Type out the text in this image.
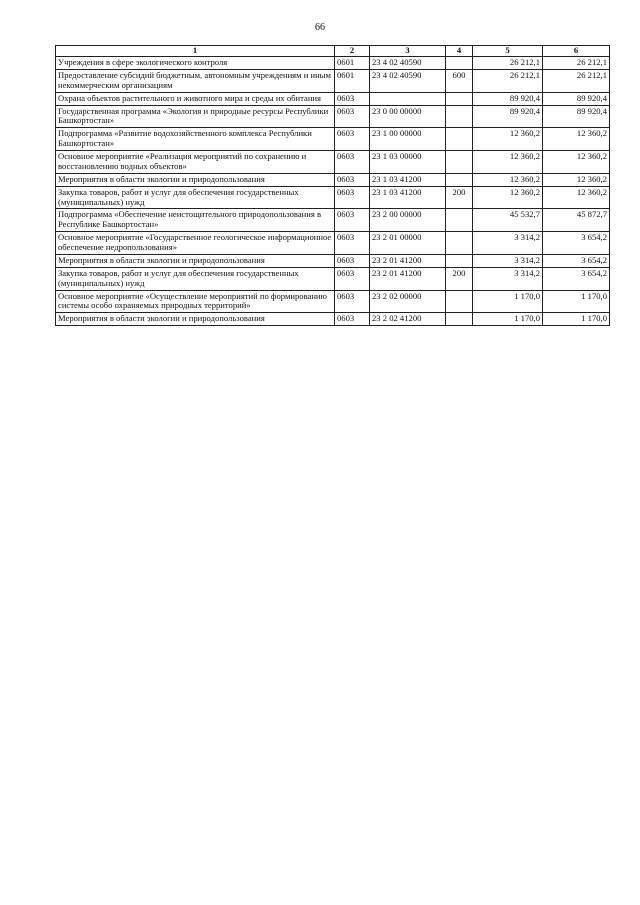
66
1	2	3	4	5	6
Учреждения в сфере экологического контроля	0601	23 4 02 40590		26 212,1	26 212,1
Предоставление субсидий бюджетным, автономным учреждениям и иным некоммерческим организациям	0601	23 4 02 40590	600	26 212,1	26 212,1
Охрана объектов растительного и животного мира и среды их обитания	0603			89 920,4	89 920,4
Государственная программа «Экология и природные ресурсы Республики Башкортостан»	0603	23 0 00 00000		89 920,4	89 920,4
Подпрограмма «Развитие водохозяйственного комплекса Республики Башкортостан»	0603	23 1 00 00000		12 360,2	12 360,2
Основное мероприятие «Реализация мероприятий по сохранению и восстановлению водных объектов»	0603	23 1 03 00000		12 360,2	12 360,2
Мероприятия в области экологии и природопользования	0603	23 1 03 41200		12 360,2	12 360,2
Закупка товаров, работ и услуг для обеспечения государственных (муниципальных) нужд	0603	23 1 03 41200	200	12 360,2	12 360,2
Подпрограмма «Обеспечение неистощительного природопользования в Республике Башкортостан»	0603	23 2 00 00000		45 532,7	45 872,7
Основное мероприятие «Государственное геологическое информационное обеспечение недропользования»	0603	23 2 01 00000		3 314,2	3 654,2
Мероприятия в области экологии и природопользования	0603	23 2 01 41200		3 314,2	3 654,2
Закупка товаров, работ и услуг для обеспечения государственных (муниципальных) нужд	0603	23 2 01 41200	200	3 314,2	3 654,2
Основное мероприятие «Осуществление мероприятий по формированию системы особо охраняемых природных территорий»	0603	23 2 02 00000		1 170,0	1 170,0
Мероприятия в области экологии и природопользования	0603	23 2 02 41200		1 170,0	1 170,0
